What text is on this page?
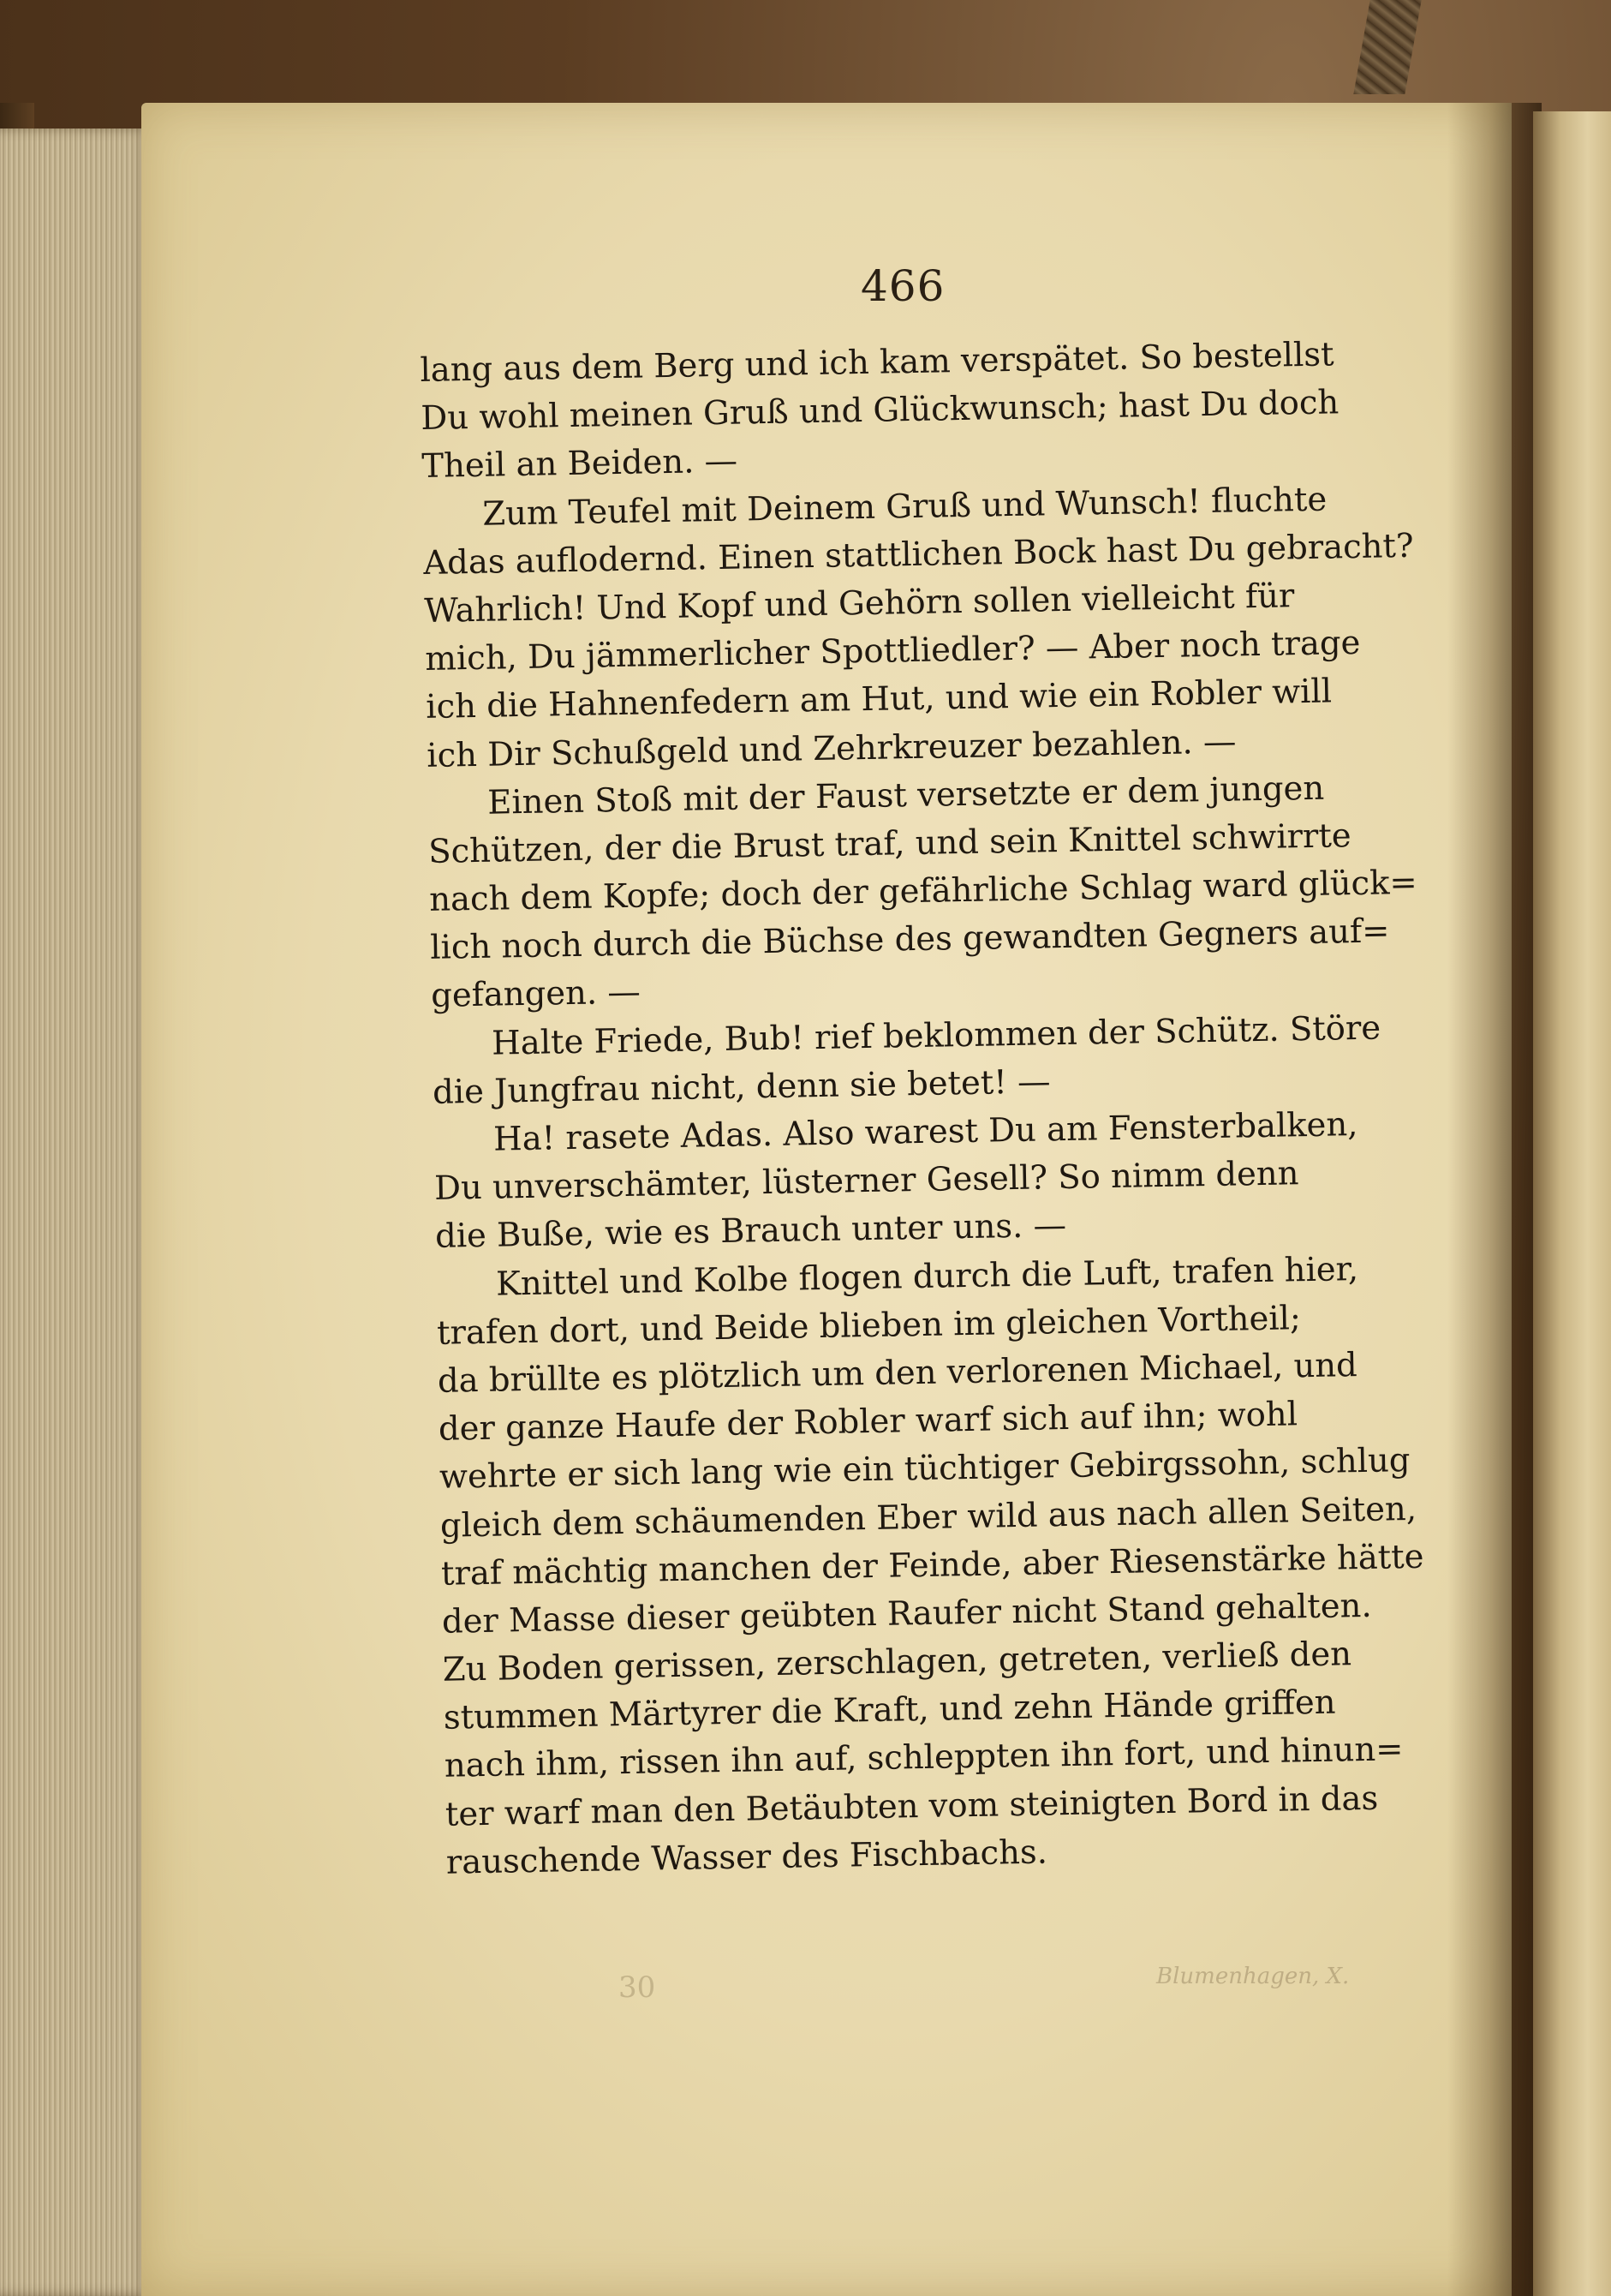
30	Blumenhagen, X.
466
lang aus dem Berg und ich kam verspätet. So bestellst
Du wohl meinen Gruß und Glückwunsch; hast Du doch
Theil an Beiden. —
Zum Teufel mit Deinem Gruß und Wunsch! fluchte
Adas auflodernd. Einen stattlichen Bock hast Du gebracht?
Wahrlich! Und Kopf und Gehörn sollen vielleicht für
mich, Du jämmerlicher Spottliedler? — Aber noch trage
ich die Hahnenfedern am Hut, und wie ein Robler will
ich Dir Schußgeld und Zehrkreuzer bezahlen. —
Einen Stoß mit der Faust versetzte er dem jungen
Schützen, der die Brust traf, und sein Knittel schwirrte
nach dem Kopfe; doch der gefährliche Schlag ward glück=
lich noch durch die Büchse des gewandten Gegners auf=
gefangen. —
Halte Friede, Bub! rief beklommen der Schütz. Störe
die Jungfrau nicht, denn sie betet! —
Ha! rasete Adas. Also warest Du am Fensterbalken,
Du unverschämter, lüsterner Gesell? So nimm denn
die Buße, wie es Brauch unter uns. —
Knittel und Kolbe flogen durch die Luft, trafen hier,
trafen dort, und Beide blieben im gleichen Vortheil;
da brüllte es plötzlich um den verlorenen Michael, und
der ganze Haufe der Robler warf sich auf ihn; wohl
wehrte er sich lang wie ein tüchtiger Gebirgssohn, schlug
gleich dem schäumenden Eber wild aus nach allen Seiten,
traf mächtig manchen der Feinde, aber Riesenstärke hätte
der Masse dieser geübten Raufer nicht Stand gehalten.
Zu Boden gerissen, zerschlagen, getreten, verließ den
stummen Märtyrer die Kraft, und zehn Hände griffen
nach ihm, rissen ihn auf, schleppten ihn fort, und hinun=
ter warf man den Betäubten vom steinigten Bord in das
rauschende Wasser des Fischbachs.
